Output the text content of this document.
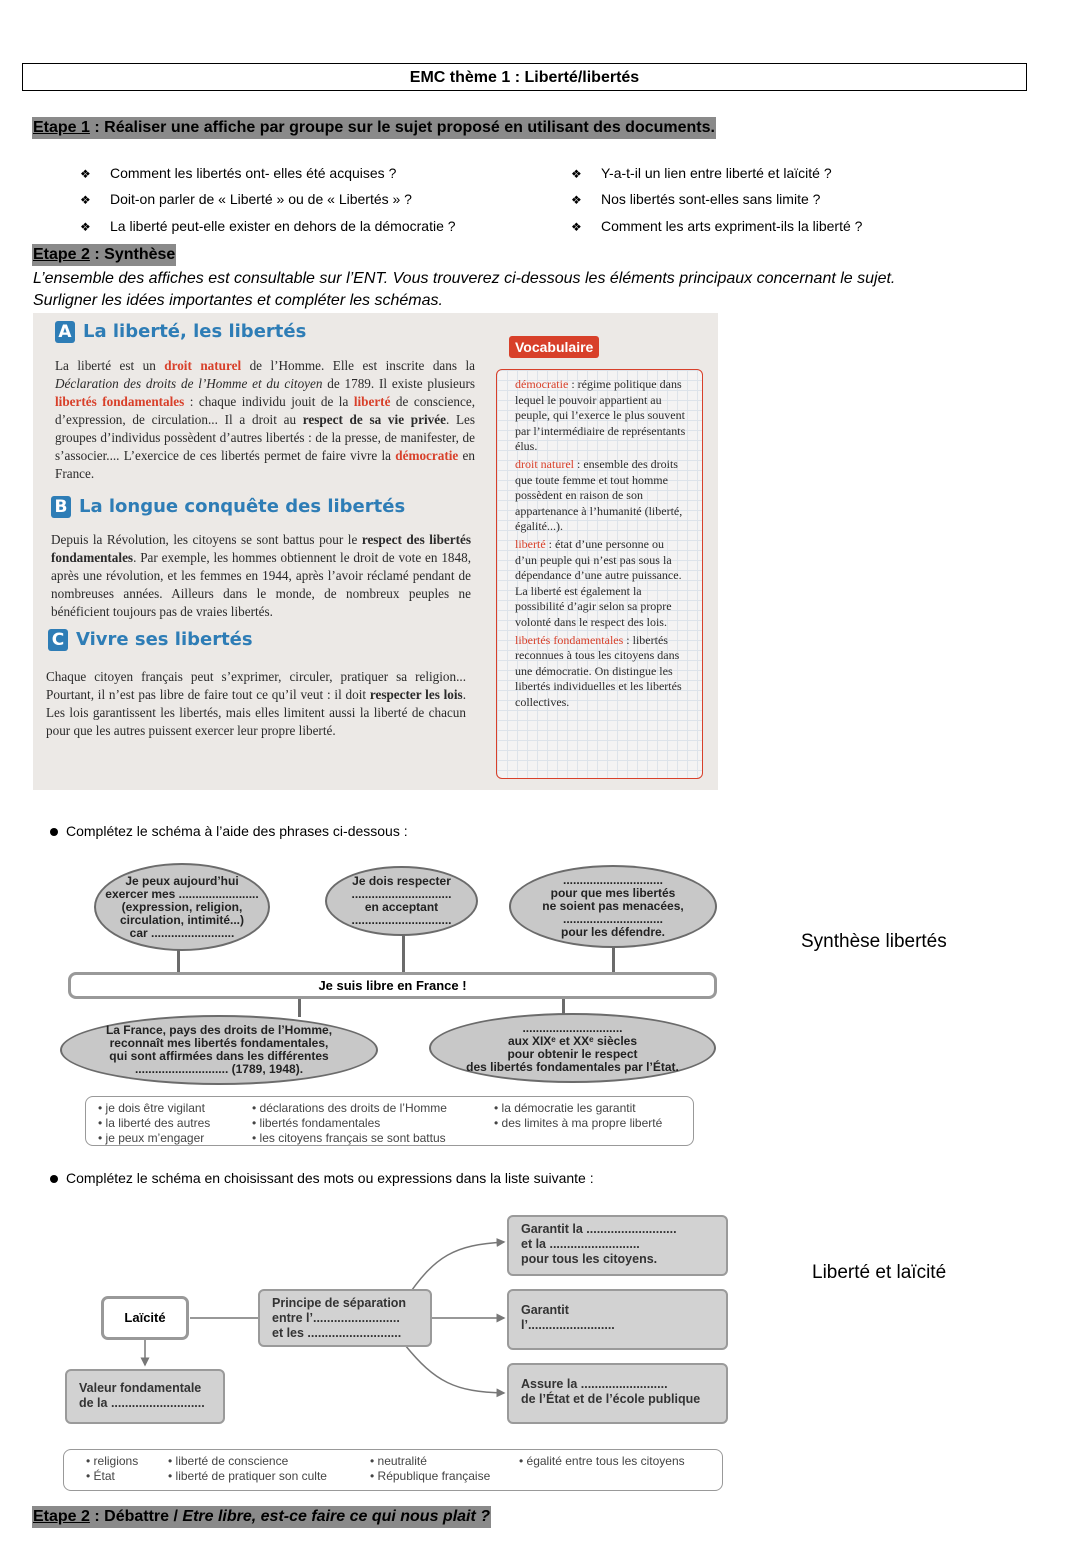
EMC thème 1 : Liberté/libertés
Etape 1 : Réaliser une affiche par groupe sur le sujet proposé en utilisant des documents.
❖ Comment les libertés ont- elles été acquises ?
❖ Doit-on parler de « Liberté » ou de « Libertés » ?
❖ La liberté peut-elle exister en dehors de la démocratie ?
❖ Y-a-t-il un lien entre liberté et laïcité ?
❖ Nos libertés sont-elles sans limite ?
❖ Comment les arts expriment-ils la liberté ?
Etape 2 : Synthèse
L’ensemble des affiches est consultable sur l’ENT. Vous trouverez ci-dessous les éléments principaux concernant le sujet.
Surligner les idées importantes et compléter les schémas.
A La liberté, les libertés
La liberté est un droit naturel de l’Homme. Elle est inscrite dans la Déclaration des droits de l’Homme et du citoyen de 1789. Il existe plusieurs libertés fondamentales : chaque individu jouit de la liberté de conscience, d’expression, de circulation... Il a droit au respect de sa vie privée. Les groupes d’individus possèdent d’autres libertés : de la presse, de manifester, de s’associer.... L’exercice de ces libertés permet de faire vivre la démocratie en France.
B La longue conquête des libertés
Depuis la Révolution, les citoyens se sont battus pour le respect des libertés fondamentales. Par exemple, les hommes obtiennent le droit de vote en 1848, après une révolution, et les femmes en 1944, après l’avoir réclamé pendant de nombreuses années. Ailleurs dans le monde, de nombreux peuples ne bénéficient toujours pas de vraies libertés.
C Vivre ses libertés
Chaque citoyen français peut s’exprimer, circuler, pratiquer sa religion... Pourtant, il n’est pas libre de faire tout ce qu’il veut : il doit respecter les lois. Les lois garantissent les libertés, mais elles limitent aussi la liberté de chacun pour que les autres puissent exercer leur propre liberté.
démocratie : régime politique dans lequel le pouvoir appartient au peuple, qui l’exerce le plus souvent par l’intermédiaire de représentants élus.
droit naturel : ensemble des droits que toute femme et tout homme possèdent en raison de son appartenance à l’humanité (liberté, égalité...).
liberté : état d’une personne ou d’un peuple qui n’est pas sous la dépendance d’une autre puissance. La liberté est également la possibilité d’agir selon sa propre volonté dans le respect des lois.
libertés fondamentales : libertés reconnues à tous les citoyens dans une démocratie. On distingue les libertés individuelles et les libertés collectives.
Vocabulaire
Complétez le schéma à l’aide des phrases ci-dessous :
Je peux aujourd’hui
exercer mes ........................
(expression, religion,
circulation, intimité...)
car .........................
Je dois respecter
..............................
en acceptant
..............................
..............................
pour que mes libertés
ne soient pas menacées,
..............................
pour les défendre.
Je suis libre en France !
La France, pays des droits de l’Homme,
reconnaît mes libertés fondamentales,
qui sont affirmées dans les différentes
............................ (1789, 1948).
..............................
aux XIXᵉ et XXᵉ siècles
pour obtenir le respect
des libertés fondamentales par l’État.
• je dois être vigilant
• la liberté des autres
• je peux m’engager
• déclarations des droits de l’Homme
• libertés fondamentales
• les citoyens français se sont battus
• la démocratie les garantit
• des limites à ma propre liberté
Synthèse libertés
Complétez le schéma en choisissant des mots ou expressions dans la liste suivante :
Laïcité
Principe de séparation
entre l’.........................
et les ...........................
Valeur fondamentale
de la ...........................
Garantit la ..........................
et la ..........................
pour tous les citoyens.
Garantit
l’.........................
Assure la .........................
de l’État et de l’école publique
• religions
• État
• liberté de conscience
• liberté de pratiquer son culte
• neutralité
• République française
• égalité entre tous les citoyens
Liberté et laïcité
Etape 2 : Débattre / Etre libre, est-ce faire ce qui nous plait ?
